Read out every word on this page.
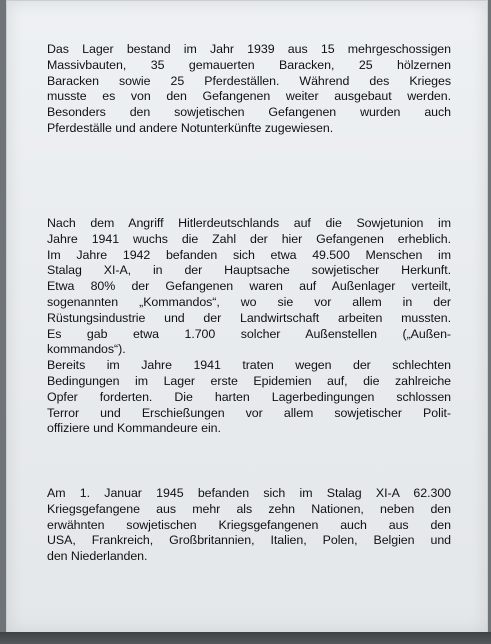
Das Lager bestand im Jahr 1939 aus 15 mehrgeschossigen
Massivbauten, 35 gemauerten Baracken, 25 hölzernen
Baracken sowie 25 Pferdeställen. Während des Krieges
musste es von den Gefangenen weiter ausgebaut werden.
Besonders den sowjetischen Gefangenen wurden auch
Pferdeställe und andere Notunterkünfte zugewiesen.

Nach dem Angriff Hitlerdeutschlands auf die Sowjetunion im
Jahre 1941 wuchs die Zahl der hier Gefangenen erheblich.
Im Jahre 1942 befanden sich etwa 49.500 Menschen im
Stalag XI-A, in der Hauptsache sowjetischer Herkunft.
Etwa 80% der Gefangenen waren auf Außenlager verteilt,
sogenannten „Kommandos“, wo sie vor allem in der
Rüstungsindustrie und der Landwirtschaft arbeiten mussten.
Es gab etwa 1.700 solcher Außenstellen („Außen-
kommandos“).
Bereits im Jahre 1941 traten wegen der schlechten
Bedingungen im Lager erste Epidemien auf, die zahlreiche
Opfer forderten. Die harten Lagerbedingungen schlossen
Terror und Erschießungen vor allem sowjetischer Polit-
offiziere und Kommandeure ein.

Am 1. Januar 1945 befanden sich im Stalag XI-A 62.300
Kriegsgefangene aus mehr als zehn Nationen, neben den
erwähnten sowjetischen Kriegsgefangenen auch aus den
USA, Frankreich, Großbritannien, Italien, Polen, Belgien und
den Niederlanden.
